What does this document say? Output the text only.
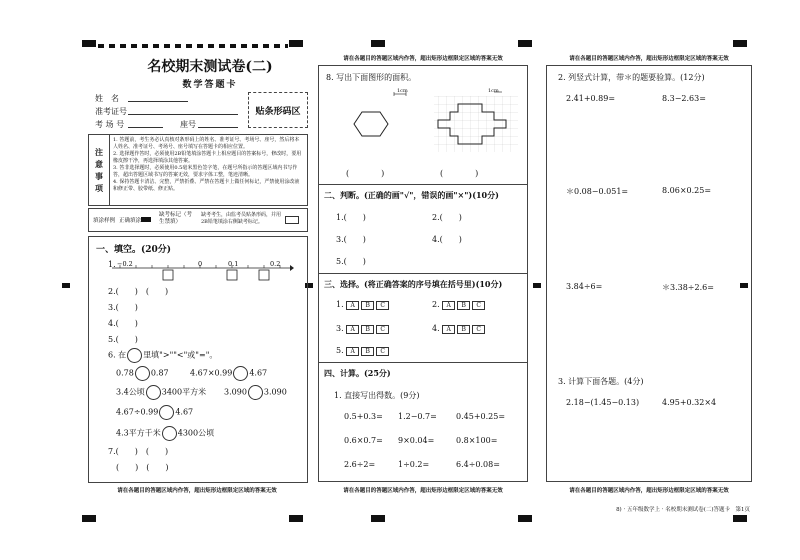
名校期末测试卷(二)
数学答题卡
姓　名
准考证号
考 场 号	座号
贴条形码区
注
意
事
项
1. 答题前，考生务必认真核对条形码上的姓名、准考证号、考场号、座号，然后将本人姓名、准考证号、考场号、座号填写在答题卡的相应位置。
2. 选择题作答时，必须使用2B铅笔填涂答题卡上相应题目的答案标号，修改时，要用橡皮擦干净，再选择填涂其他答案。
3. 答非选择题时，必须使用0.5毫米黑色签字笔，在题号所指示的答题区域内书写作答，超出答题区域书写的答案无效，要求字体工整，笔迹清晰。
4. 保持答题卡清洁、完整，严禁折叠、严禁在答题卡上做任何标记，严禁使用涂改液和修正带、胶带纸、修正贴。
填涂样例 正确填涂
缺考标记（考生禁填）
缺考考生，由监考员贴条形码，并用2B铅笔填涂右侧缺考标记。
一、填空。(20分)
1. −0.2	0	0.1	0.2
2.(　　)　(　　)
3.(　　)
4.(　　)
5.(　　)
6. 在 里填">""<"或"="。
0.78 0.87	4.67×0.99 4.67
3.4公顷 3400平方米 3.090 3.090
4.67÷0.99 4.67
4.3平方千米 4300公顷
7.(　　)　(　　)
(　　)　(　　)
请在各题目的答题区域内作答，超出矩形边框限定区域的答案无效
请在各题目的答题区域内作答，超出矩形边框限定区域的答案无效
8. 写出下面图形的面积。
1cm	1cm
(　　　　)	(　　　　)
二、判断。(正确的画"√"，错误的画"×")(10分)
1.(　　)	2.(　　)
3.(　　)	4.(　　)
5.(　　)
三、选择。(将正确答案的序号填在括号里)(10分)
1. A B C	2. A B C
3. A B C	4. A B C
5. A B C
四、计算。(25分)
1. 直接写出得数。(9分)
0.5+0.3= 1.2−0.7= 0.45+0.25=
0.6×0.7= 9×0.04=	0.8×100=
2.6÷2=	1÷0.2=	6.4÷0.08=
请在各题目的答题区域内作答，超出矩形边框限定区域的答案无效
请在各题目的答题区域内作答，超出矩形边框限定区域的答案无效
2. 列竖式计算，带＊的题要验算。(12分)
2.41+0.89=	8.3−2.63=
＊0.08−0.051=	8.06×0.25=
3.84÷6=	＊3.38÷2.6=
3. 计算下面各题。(4分)
2.18−(1.45−0.13)	4.95+0.32×4
请在各题目的答题区域内作答，超出矩形边框限定区域的答案无效
8) · 五年级数学上 · 名校期末测试卷(二)答题卡　第1页
